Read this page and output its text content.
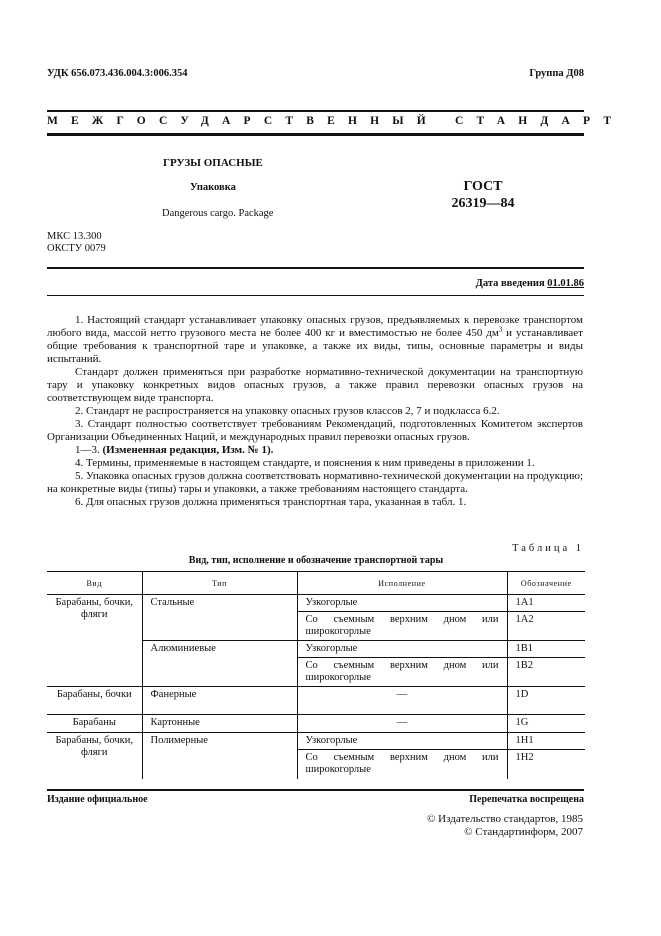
УДК 656.073.436.004.3:006.354	Группа Д08
МЕЖГОСУДАРСТВЕННЫЙ СТАНДАРТ
ГРУЗЫ ОПАСНЫЕ
Упаковка
Dangerous cargo. Package
ГОСТ
26319—84
МКС 13.300
ОКСТУ 0079
Дата введения 01.01.86

1. Настоящий стандарт устанавливает упаковку опасных грузов, предъявляемых к перевозке транспортом любого вида, массой нетто грузового места не более 400 кг и вместимостью не более 450 $дм^3$ и устанавливает общие требования к транспортной таре и упаковке, а также их виды, типы, основные параметры и виды испытаний.

Стандарт должен применяться при разработке нормативно-технической документации на транспортную тару и упаковку конкретных видов опасных грузов, а также правил перевозки опасных грузов на соответствующем виде транспорта.

2. Стандарт не распространяется на упаковку опасных грузов классов 2, 7 и подкласса 6.2.

3. Стандарт полностью соответствует требованиям Рекомендаций, подготовленных Комитетом экспертов Организации Объединенных Наций, и международных правил перевозки опасных грузов.

1—3. (Измененная редакция, Изм. № 1).

4. Термины, применяемые в настоящем стандарте, и пояснения к ним приведены в приложении 1.

5. Упаковка опасных грузов должна соответствовать нормативно-технической документации на продукцию; на конкретные виды (типы) тары и упаковки, а также требованиям настоящего стандарта.

6. Для опасных грузов должна применяться транспортная тара, указанная в табл. 1.

Таблица 1
Вид, тип, исполнение и обозначение транспортной тары
Вид	Тип	Исполнение	Обозначение
Барабаны, бочки, фляги	Стальные	Узкогорлые	1A1

		Со съемным верхним дном или
широкогорлые	1A2
	Алюминиевые	Узкогорлые	1B1

		Со съемным верхним дном или
широкогорлые	1B2
Барабаны, бочки	Фанерные	—	1D
Барабаны	Картонные	—	1G
Барабаны, бочки, фляги	Полимерные	Узкогорлые	1H1

		Со съемным верхним дном или
широкогорлые	1H2
Издание официальное	Перепечатка воспрещена
© Издательство стандартов, 1985
© Стандартинформ, 2007
